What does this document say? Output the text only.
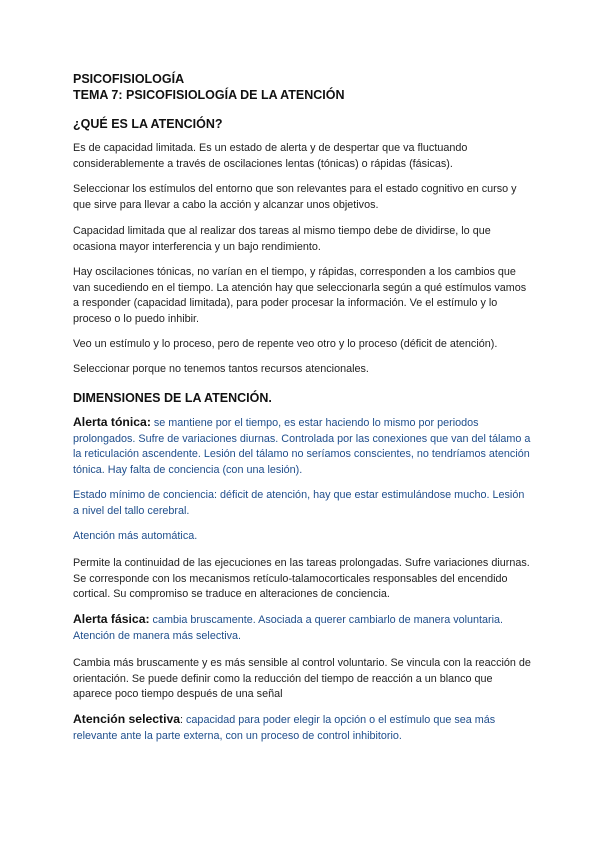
PSICOFISIOLOGÍA
TEMA 7: PSICOFISIOLOGÍA DE LA ATENCIÓN
¿QUÉ ES LA ATENCIÓN?
Es de capacidad limitada. Es un estado de alerta y de despertar que va fluctuando considerablemente a través de oscilaciones lentas (tónicas) o rápidas (fásicas).
Seleccionar los estímulos del entorno que son relevantes para el estado cognitivo en curso y que sirve para llevar a cabo la acción y alcanzar unos objetivos.
Capacidad limitada que al realizar dos tareas al mismo tiempo debe de dividirse, lo que ocasiona mayor interferencia y un bajo rendimiento.
Hay oscilaciones tónicas, no varían en el tiempo, y rápidas, corresponden a los cambios que van sucediendo en el tiempo. La atención hay que seleccionarla según a qué estímulos vamos a responder (capacidad limitada), para poder procesar la información. Ve el estímulo y lo proceso o lo puedo inhibir.
Veo un estímulo y lo proceso, pero de repente veo otro y lo proceso (déficit de atención).
Seleccionar porque no tenemos tantos recursos atencionales.
DIMENSIONES DE LA ATENCIÓN.
Alerta tónica: se mantiene por el tiempo, es estar haciendo lo mismo por periodos prolongados. Sufre de variaciones diurnas. Controlada por las conexiones que van del tálamo a la reticulación ascendente. Lesión del tálamo no seríamos conscientes, no tendríamos atención tónica. Hay falta de conciencia (con una lesión).
Estado mínimo de conciencia: déficit de atención, hay que estar estimulándose mucho. Lesión a nivel del tallo cerebral.
Atención más automática.
Permite la continuidad de las ejecuciones en las tareas prolongadas. Sufre variaciones diurnas. Se corresponde con los mecanismos retículo-talamocorticales responsables del encendido cortical. Su compromiso se traduce en alteraciones de conciencia.
Alerta fásica: cambia bruscamente. Asociada a querer cambiarlo de manera voluntaria. Atención de manera más selectiva.
Cambia más bruscamente y es más sensible al control voluntario. Se vincula con la reacción de orientación. Se puede definir como la reducción del tiempo de reacción a un blanco que aparece poco tiempo después de una señal
Atención selectiva: capacidad para poder elegir la opción o el estímulo que sea más relevante ante la parte externa, con un proceso de control inhibitorio.
